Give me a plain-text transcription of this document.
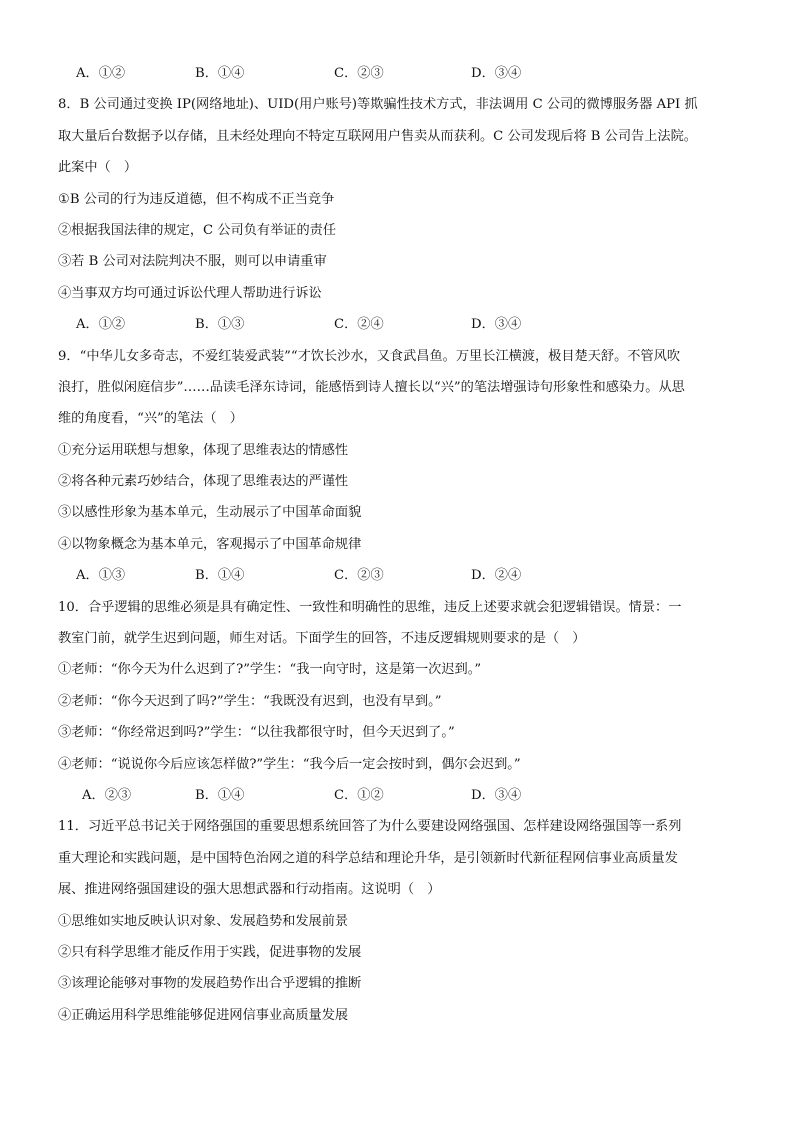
A．①②	B．①④	C．②③	D．③④
8．B 公司通过变换 IP(网络地址)、UID(用户账号)等欺骗性技术方式，非法调用 C 公司的微博服务器 API 抓
取大量后台数据予以存储，且未经处理向不特定互联网用户售卖从而获利。C 公司发现后将 B 公司告上法院。
此案中（　）
①B 公司的行为违反道德，但不构成不正当竞争
②根据我国法律的规定，C 公司负有举证的责任
③若 B 公司对法院判决不服，则可以申请重审
④当事双方均可通过诉讼代理人帮助进行诉讼
A．①②	B．①③	C．②④	D．③④
9．“中华儿女多奇志，不爱红装爱武装”“才饮长沙水，又食武昌鱼。万里长江横渡，极目楚天舒。不管风吹
浪打，胜似闲庭信步”……品读毛泽东诗词，能感悟到诗人擅长以“兴”的笔法增强诗句形象性和感染力。从思
维的角度看，“兴”的笔法（　）
①充分运用联想与想象，体现了思维表达的情感性
②将各种元素巧妙结合，体现了思维表达的严谨性
③以感性形象为基本单元，生动展示了中国革命面貌
④以物象概念为基本单元，客观揭示了中国革命规律
A．①③	B．①④	C．②③	D．②④
10．合乎逻辑的思维必须是具有确定性、一致性和明确性的思维，违反上述要求就会犯逻辑错误。情景：一
教室门前，就学生迟到问题，师生对话。下面学生的回答，不违反逻辑规则要求的是（　）
①老师：“你今天为什么迟到了?”学生：“我一向守时，这是第一次迟到。”
②老师：“你今天迟到了吗?”学生：“我既没有迟到，也没有早到。”
③老师：“你经常迟到吗?”学生：“以往我都很守时，但今天迟到了。”
④老师：“说说你今后应该怎样做?”学生：“我今后一定会按时到，偶尔会迟到。”
A．②③	B．①④	C．①②	D．③④
11．习近平总书记关于网络强国的重要思想系统回答了为什么要建设网络强国、怎样建设网络强国等一系列
重大理论和实践问题，是中国特色治网之道的科学总结和理论升华，是引领新时代新征程网信事业高质量发
展、推进网络强国建设的强大思想武器和行动指南。这说明（　）
①思维如实地反映认识对象、发展趋势和发展前景
②只有科学思维才能反作用于实践，促进事物的发展
③该理论能够对事物的发展趋势作出合乎逻辑的推断
④正确运用科学思维能够促进网信事业高质量发展
